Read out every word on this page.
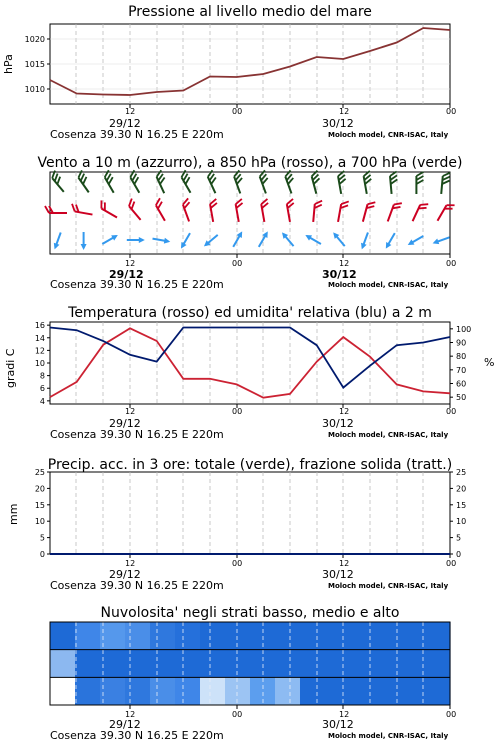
Pressione al livello medio del mare
hPa
12	00	12	00
29/12	30/12
Cosenza 39.30 N 16.25 E 220m	Moloch model, CNR-ISAC, Italy
Vento a 10 m (azzurro), a 850 hPa (rosso), a 700 hPa (verde)
12	00	12	00
29/12	30/12
Cosenza 39.30 N 16.25 E 220m	Moloch model, CNR-ISAC, Italy
Temperatura (rosso) ed umidita' relativa (blu) a 2 m
gradi C	%
12	00	12	00
29/12	30/12
Cosenza 39.30 N 16.25 E 220m	Moloch model, CNR-ISAC, Italy
Precip. acc. in 3 ore: totale (verde), frazione solida (tratt.)
mm
12	00	12	00
29/12	30/12
Cosenza 39.30 N 16.25 E 220m	Moloch model, CNR-ISAC, Italy
Nuvolosita' negli strati basso, medio e alto
12	00	12	00
29/12	30/12
Cosenza 39.30 N 16.25 E 220m	Moloch model, CNR-ISAC, Italy
1010
1015
1020
4
6
8
10
12
14
16
50
60
70
80
90
100
0
5
10
15
20
25
0
5
10
15
20
25
